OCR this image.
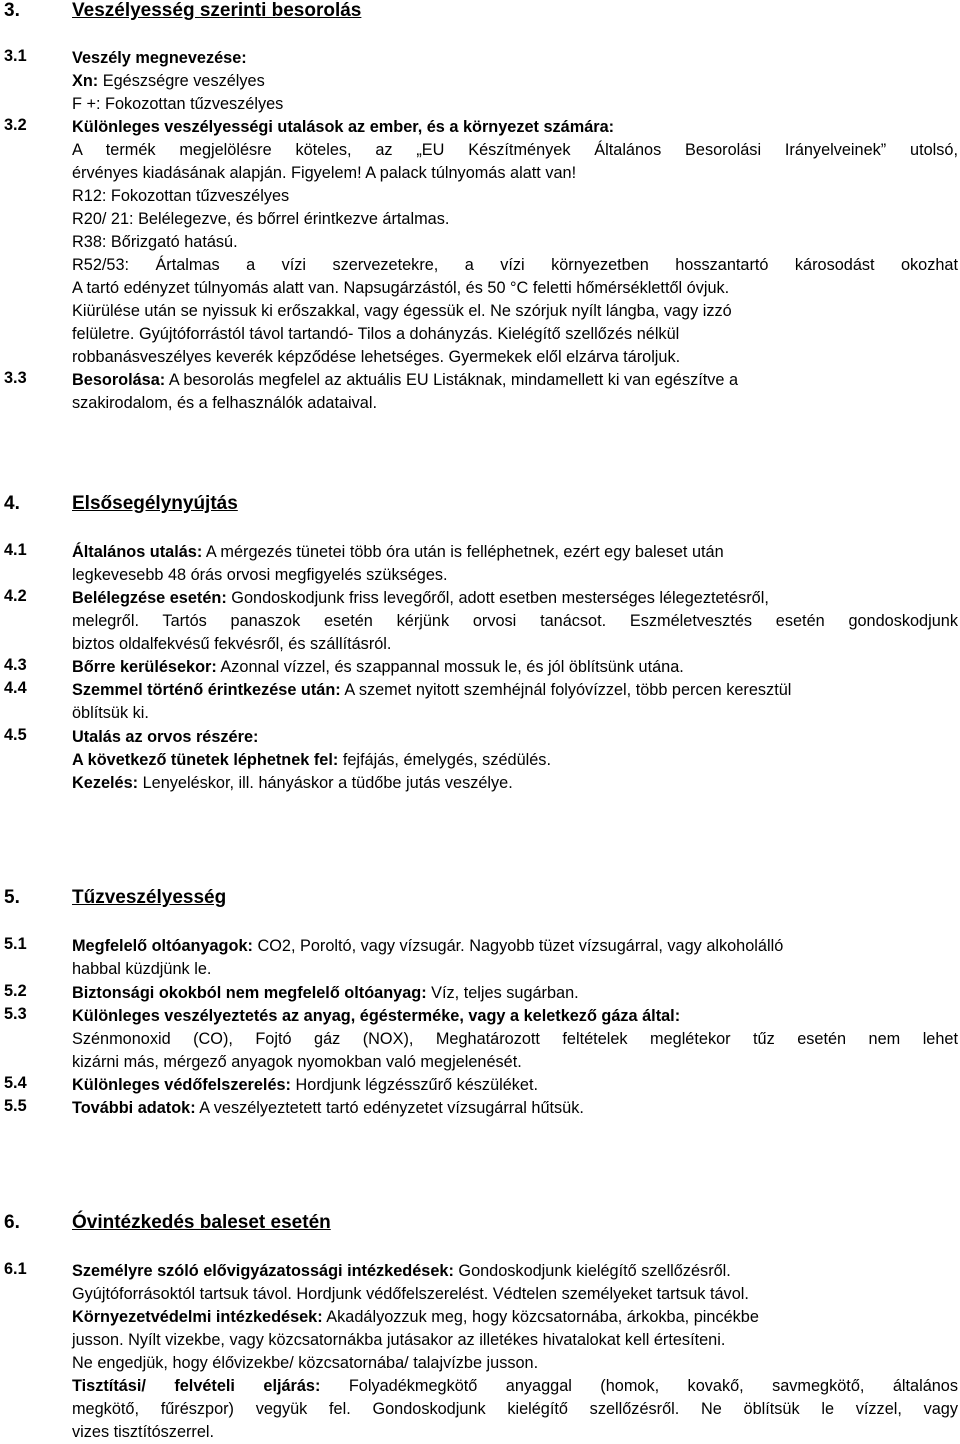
3.	Veszélyesség szerinti besorolás
3.1	Veszély megnevezése:
Xn: Egészségre veszélyes
F +: Fokozottan tűzveszélyes
3.2	Különleges veszélyességi utalások az ember, és a környezet számára:
A termék megjelölésre köteles, az „EU Készítmények Általános Besorolási Irányelveinek” utolsó,
érvényes kiadásának alapján. Figyelem! A palack túlnyomás alatt van!
R12: Fokozottan tűzveszélyes
R20/ 21: Belélegezve, és bőrrel érintkezve ártalmas.
R38: Bőrizgató hatású.
R52/53: Ártalmas a vízi szervezetekre, a vízi környezetben hosszantartó károsodást okozhat
A tartó edényzet túlnyomás alatt van. Napsugárzástól, és 50 °C feletti hőmérséklettől óvjuk.
Kiürülése után se nyissuk ki erőszakkal, vagy égessük el. Ne szórjuk nyílt lángba, vagy izzó
felületre. Gyújtóforrástól távol tartandó- Tilos a dohányzás. Kielégítő szellőzés nélkül
robbanásveszélyes keverék képződése lehetséges. Gyermekek elől elzárva tároljuk.
3.3	Besorolása: A besorolás megfelel az aktuális EU Listáknak, mindamellett ki van egészítve a
szakirodalom, és a felhasználók adataival.
4.	Elsősegélynyújtás
4.1	Általános utalás: A mérgezés tünetei több óra után is felléphetnek, ezért egy baleset után
legkevesebb 48 órás orvosi megfigyelés szükséges.
4.2	Belélegzése esetén: Gondoskodjunk friss levegőről, adott esetben mesterséges lélegeztetésről,
melegről. Tartós panaszok esetén kérjünk orvosi tanácsot. Eszméletvesztés esetén gondoskodjunk
biztos oldalfekvésű fekvésről, és szállításról.
4.3	Bőrre kerülésekor: Azonnal vízzel, és szappannal mossuk le, és jól öblítsünk utána.
4.4	Szemmel történő érintkezése után: A szemet nyitott szemhéjnál folyóvízzel, több percen keresztül
öblítsük ki.
4.5	Utalás az orvos részére:
A következő tünetek léphetnek fel: fejfájás, émelygés, szédülés.
Kezelés: Lenyeléskor, ill. hányáskor a tüdőbe jutás veszélye.
5.	Tűzveszélyesség
5.1	Megfelelő oltóanyagok: CO2, Poroltó, vagy vízsugár. Nagyobb tüzet vízsugárral, vagy alkoholálló
habbal küzdjünk le.
5.2	Biztonsági okokból nem megfelelő oltóanyag: Víz, teljes sugárban.
5.3	Különleges veszélyeztetés az anyag, égésterméke, vagy a keletkező gáza által:
Szénmonoxid (CO), Fojtó gáz (NOX), Meghatározott feltételek meglétekor tűz esetén nem lehet
kizárni más, mérgező anyagok nyomokban való megjelenését.
5.4	Különleges védőfelszerelés: Hordjunk légzésszűrő készüléket.
5.5	További adatok: A veszélyeztetett tartó edényzetet vízsugárral hűtsük.
6.	Óvintézkedés baleset esetén
6.1	Személyre szóló elővigyázatossági intézkedések: Gondoskodjunk kielégítő szellőzésről.
Gyújtóforrásoktól tartsuk távol. Hordjunk védőfelszerelést. Védtelen személyeket tartsuk távol.
Környezetvédelmi intézkedések: Akadályozzuk meg, hogy közcsatornába, árkokba, pincékbe
jusson. Nyílt vizekbe, vagy közcsatornákba jutásakor az illetékes hivatalokat kell értesíteni.
Ne engedjük, hogy élővizekbe/ közcsatornába/ talajvízbe jusson.
Tisztítási/ felvételi eljárás: Folyadékmegkötő anyaggal (homok, kovakő, savmegkötő, általános
megkötő, fűrészpor) vegyük fel. Gondoskodjunk kielégítő szellőzésről. Ne öblítsük le vízzel, vagy
vizes tisztítószerrel.
